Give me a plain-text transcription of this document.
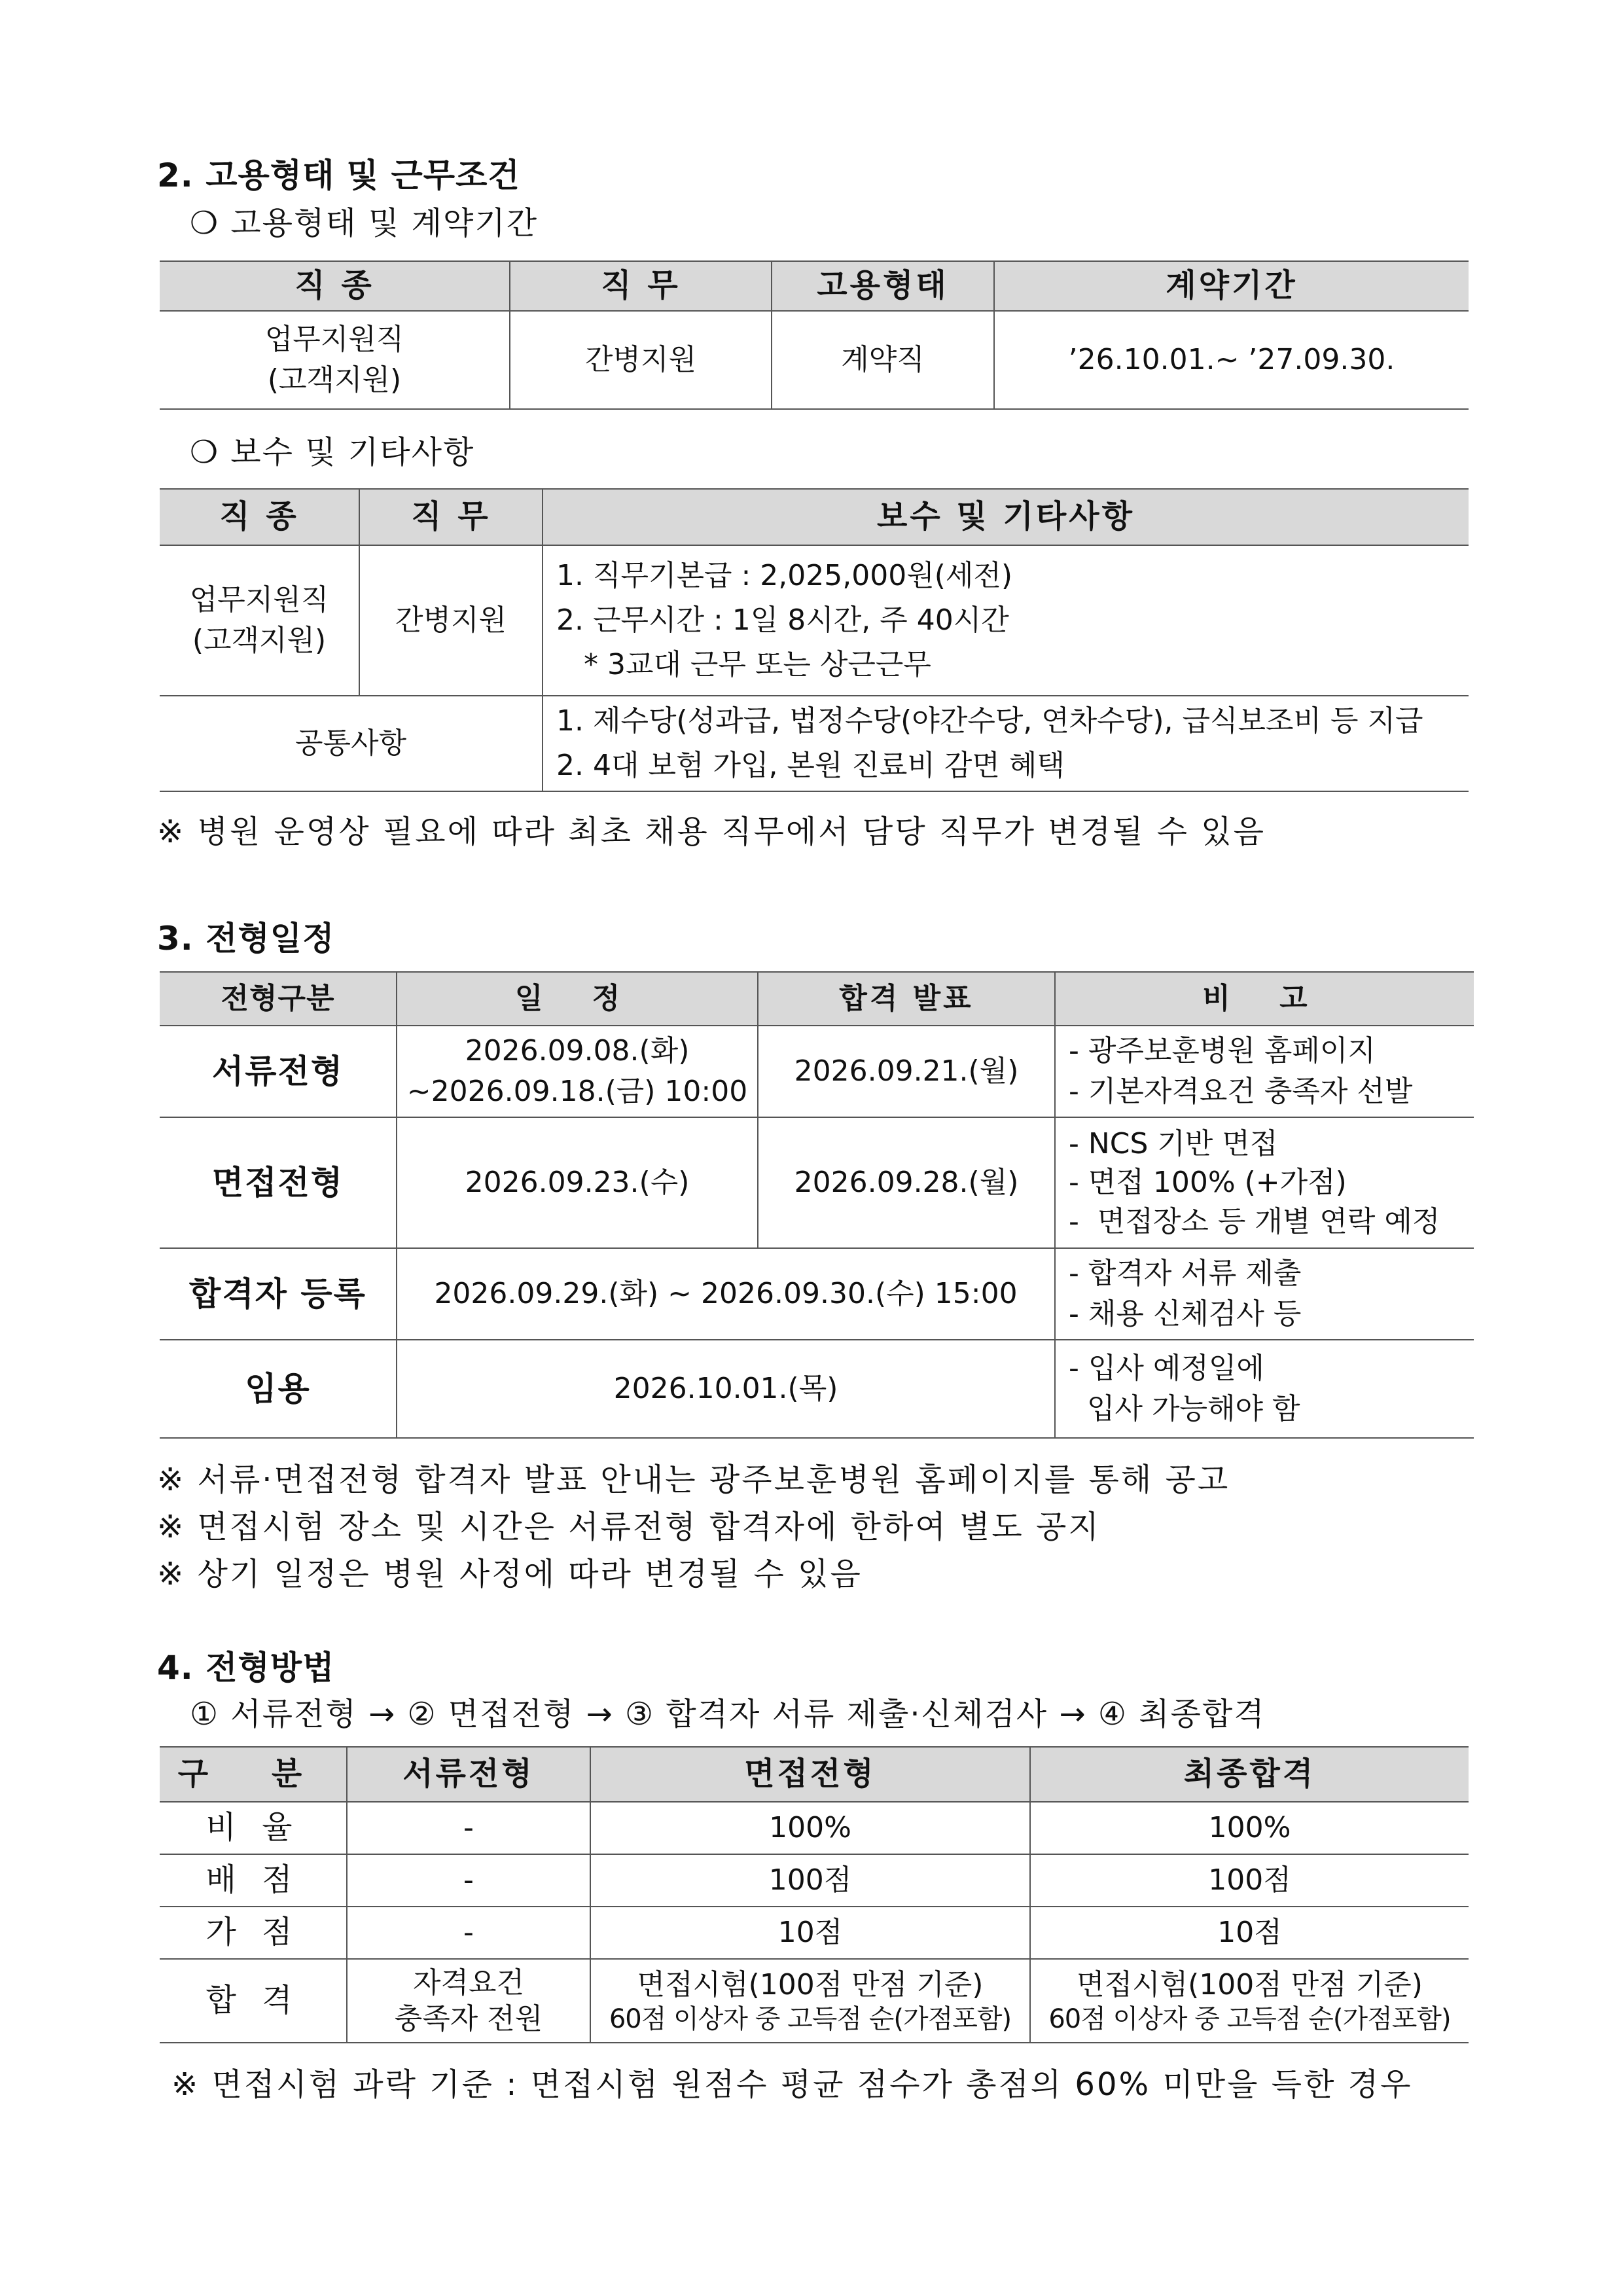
2. 고용형태 및 근무조건
❍ 고용형태 및 계약기간
직 종	직 무	고용형태	계약기간

업무지원직
(고객지원)	간병지원	계약직	’26.10.01.~ ’27.09.30.
❍ 보수 및 기타사항
직 종	직 무	보수 및 기타사항

업무지원직
(고객지원)	간병지원	1. 직무기본급 : 2,025,000원(세전)
2. 근무시간 : 1일 8시간, 주 40시간
* 3교대 근무 또는 상근근무

공통사항		1. 제수당(성과급, 법정수당(야간수당, 연차수당), 급식보조비 등 지급
2. 4대 보험 가입, 본원 진료비 감면 혜택
※ 병원 운영상 필요에 따라 최초 채용 직무에서 담당 직무가 변경될 수 있음
3. 전형일정
전형구분	일 정	합격 발표	비 고
서류전형	2026.09.08.(화)
~2026.09.18.(금) 10:00	2026.09.21.(월)	- 광주보훈병원 홈페이지
- 기본자격요건 충족자 선발

면접전형	2026.09.23.(수)	2026.09.28.(월)	- NCS 기반 면접
- 면접 100% (+가점)
-  면접장소 등 개별 연락 예정

합격자 등록	2026.09.29.(화) ~ 2026.09.30.(수) 15:00		- 합격자 서류 제출
- 채용 신체검사 등

임용	2026.10.01.(목)		- 입사 예정일에
입사 가능해야 함
※ 서류·면접전형 합격자 발표 안내는 광주보훈병원 홈페이지를 통해 공고
※ 면접시험 장소 및 시간은 서류전형 합격자에 한하여 별도 공지
※ 상기 일정은 병원 사정에 따라 변경될 수 있음
4. 전형방법
① 서류전형 → ② 면접전형 → ③ 합격자 서류 제출·신체검사 → ④ 최종합격
구 분	서류전형	면접전형	최종합격
비 율	-	100%	100%
배 점	-	100점	100점
가 점	-	10점	10점
합 격	자격요건
충족자 전원	면접시험(100점 만점 기준)
60점 이상자 중 고득점 순(가점포함)	면접시험(100점 만점 기준)
60점 이상자 중 고득점 순(가점포함)
※ 면접시험 과락 기준 : 면접시험 원점수 평균 점수가 총점의 60% 미만을 득한 경우
